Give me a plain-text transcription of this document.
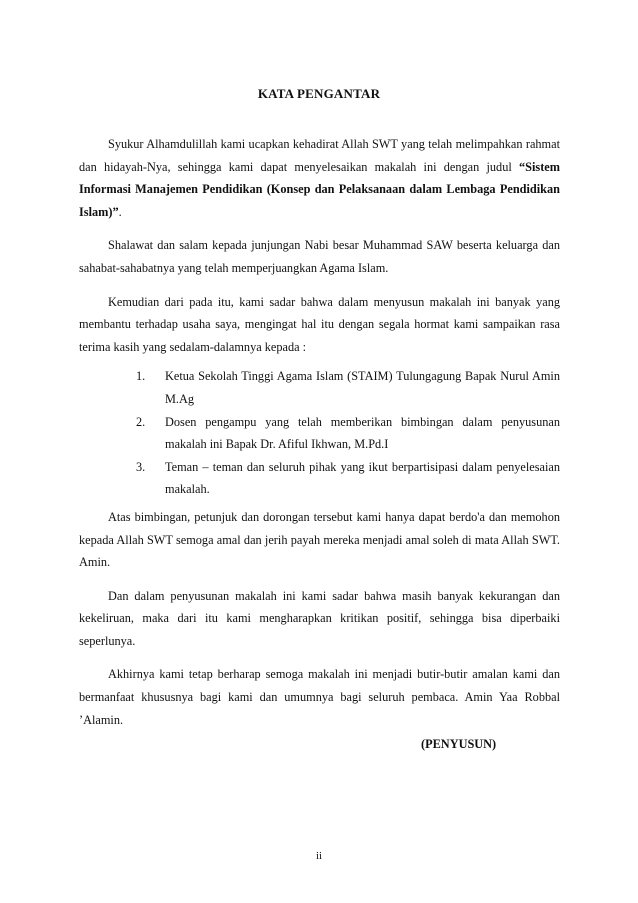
KATA PENGANTAR

Syukur Alhamdulillah kami ucapkan kehadirat Allah SWT yang telah melimpahkan rahmat dan hidayah-Nya, sehingga kami dapat menyelesaikan makalah ini dengan judul “Sistem Informasi Manajemen Pendidikan (Konsep dan Pelaksanaan dalam Lembaga Pendidikan Islam)”.

Shalawat dan salam kepada junjungan Nabi besar Muhammad SAW beserta keluarga dan sahabat-sahabatnya yang telah memperjuangkan Agama Islam.

Kemudian dari pada itu, kami sadar bahwa dalam menyusun makalah ini banyak yang membantu terhadap usaha saya, mengingat hal itu dengan segala hormat kami sampaikan rasa terima kasih yang sedalam-dalamnya kepada :

1. Ketua Sekolah Tinggi Agama Islam (STAIM) Tulungagung Bapak Nurul Amin M.Ag
2. Dosen pengampu yang telah memberikan bimbingan dalam penyusunan makalah ini Bapak Dr. Afiful Ikhwan, M.Pd.I
3. Teman – teman dan seluruh pihak yang ikut berpartisipasi dalam penyelesaian makalah.

Atas bimbingan, petunjuk dan dorongan tersebut kami hanya dapat berdo'a dan memohon kepada Allah SWT semoga amal dan jerih payah mereka menjadi amal soleh di mata Allah SWT. Amin.

Dan dalam penyusunan makalah ini kami sadar bahwa masih banyak kekurangan dan kekeliruan, maka dari itu kami mengharapkan kritikan positif, sehingga bisa diperbaiki seperlunya.

Akhirnya kami tetap berharap semoga makalah ini menjadi butir-butir amalan kami dan bermanfaat khususnya bagi kami dan umumnya bagi seluruh pembaca. Amin Yaa Robbal ’Alamin.

(PENYUSUN)
ii
